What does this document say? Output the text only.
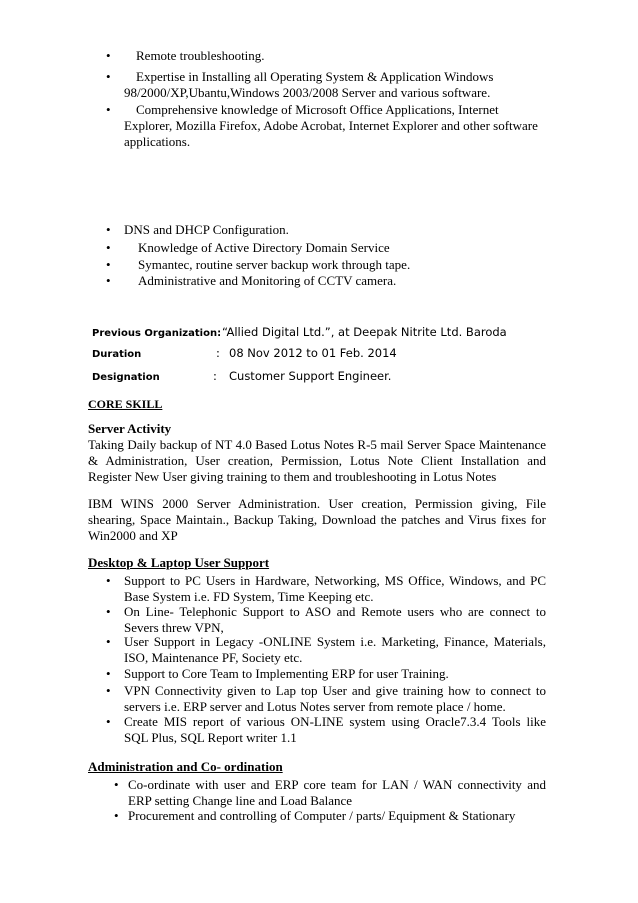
• Remote troubleshooting.
• Expertise in Installing all Operating System & Application Windows
98/2000/XP,Ubantu,Windows 2003/2008 Server and various software.
• Comprehensive knowledge of Microsoft Office Applications, Internet
Explorer, Mozilla Firefox, Adobe Acrobat, Internet Explorer and other software
applications.
• DNS and DHCP Configuration.
• Knowledge of Active Directory Domain Service
• Symantec, routine server backup work through tape.
• Administrative and Monitoring of CCTV camera.
Previous Organization: “Allied Digital Ltd.”, at Deepak Nitrite Ltd. Baroda
Duration	: 08 Nov 2012 to 01 Feb. 2014
Designation	: Customer Support Engineer.
CORE SKILL
Server Activity
Taking Daily backup of NT 4.0 Based Lotus Notes R-5 mail Server Space Maintenance & Administration, User creation, Permission, Lotus Note Client Installation and Register New User giving training to them and troubleshooting in Lotus Notes
IBM WINS 2000 Server Administration. User creation, Permission giving, File shearing, Space Maintain., Backup Taking, Download the patches and Virus fixes for Win2000 and XP
Desktop & Laptop User Support
• Support to PC Users in Hardware, Networking, MS Office, Windows, and PC Base System i.e. FD System, Time Keeping etc.
• On Line- Telephonic Support to ASO and Remote users who are connect to Severs threw VPN,
• User Support in Legacy -ONLINE System i.e. Marketing, Finance, Materials, ISO, Maintenance PF, Society etc.
• Support to Core Team to Implementing ERP for user Training.
• VPN Connectivity given to Lap top User and give training how to connect to servers i.e. ERP server and Lotus Notes server from remote place / home.
• Create MIS report of various ON-LINE system using Oracle7.3.4 Tools like SQL Plus, SQL Report writer 1.1
Administration and Co- ordination
• Co-ordinate with user and ERP core team for LAN / WAN connectivity and ERP setting Change line and Load Balance
• Procurement and controlling of Computer / parts/ Equipment & Stationary
